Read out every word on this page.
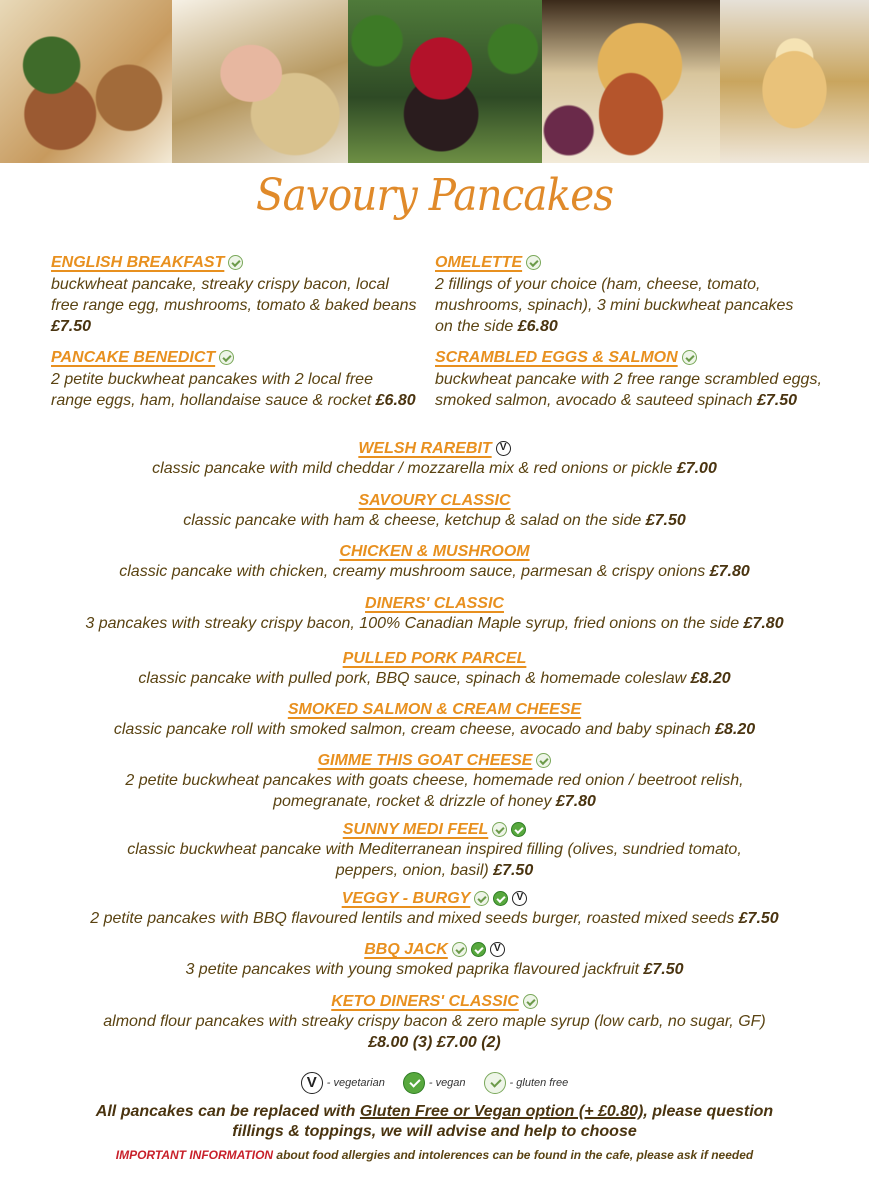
Savoury Pancakes
ENGLISH BREAKFAST
buckwheat pancake, streaky crispy bacon, local
free range egg, mushrooms, tomato & baked beans
£7.50
OMELETTE
2 fillings of your choice (ham, cheese, tomato,
mushrooms, spinach), 3 mini buckwheat pancakes
on the side £6.80
PANCAKE BENEDICT
2 petite buckwheat pancakes with 2 local free
range eggs, ham, hollandaise sauce & rocket £6.80
SCRAMBLED EGGS & SALMON
buckwheat pancake with 2 free range scrambled eggs,
smoked salmon, avocado & sauteed spinach £7.50
WELSH RAREBIT V
classic pancake with mild cheddar / mozzarella mix & red onions or pickle £7.00
SAVOURY CLASSIC
classic pancake with ham & cheese, ketchup & salad on the side £7.50
CHICKEN & MUSHROOM
classic pancake with chicken, creamy mushroom sauce, parmesan & crispy onions £7.80
DINERS' CLASSIC
3 pancakes with streaky crispy bacon, 100% Canadian Maple syrup, fried onions on the side £7.80
PULLED PORK PARCEL
classic pancake with pulled pork, BBQ sauce, spinach & homemade coleslaw £8.20
SMOKED SALMON & CREAM CHEESE
classic pancake roll with smoked salmon, cream cheese, avocado and baby spinach £8.20
GIMME THIS GOAT CHEESE
2 petite buckwheat pancakes with goats cheese, homemade red onion / beetroot relish,
pomegranate, rocket & drizzle of honey £7.80
SUNNY MEDI FEEL
classic buckwheat pancake with Mediterranean inspired filling (olives, sundried tomato,
peppers, onion, basil) £7.50
VEGGY - BURGY	V
2 petite pancakes with BBQ flavoured lentils and mixed seeds burger, roasted mixed seeds £7.50
BBQ JACK	V
3 petite pancakes with young smoked paprika flavoured jackfruit £7.50
KETO DINERS' CLASSIC
almond flour pancakes with streaky crispy bacon & zero maple syrup (low carb, no sugar, GF)
£8.00 (3) £7.00 (2)
V - vegetarian	- vegan	- gluten free
All pancakes can be replaced with Gluten Free or Vegan option (+ £0.80), please question
fillings & toppings, we will advise and help to choose
IMPORTANT INFORMATION about food allergies and intolerences can be found in the cafe, please ask if needed
